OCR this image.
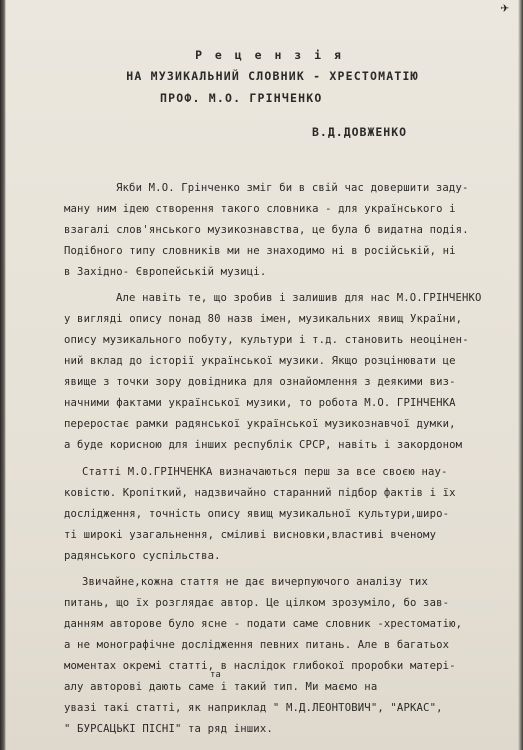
✈
Р е ц е н з і я
НА МУЗИКАЛЬНИЙ СЛОВНИК - ХРЕСТОМАТІЮ
ПРОФ. М.О. ГРІНЧЕНКО
В.Д.ДОВЖЕНКО
Якби М.О. Грінченко зміг би в свій час довершити заду-
ману ним ідею створення такого словника - для українського і
взагалі слов'янського музикознавства, це була б видатна подія.
Подібного типу словників ми не знаходимо ні в російській, ні
в Західно- Європейській музиці.
Але навіть те, що зробив і залишив для нас М.О.ГРІНЧЕНКО
у вигляді опису понад 80 назв імен, музикальних явищ України,
опису музикального побуту, культури і т.д. становить неоцінен-
ний вклад до історії української музики. Якщо розцінювати це
явище з точки зору довідника для ознайомлення з деякими виз-
начними фактами української музики, то робота М.О. ГРІНЧЕНКА
переростає рамки радянської української музикознавчої думки,
а буде корисною для інших республік СРСР, навіть і закордоном
Статті М.О.ГРІНЧЕНКА визначаються перш за все своєю нау-
ковістю. Кропіткий, надзвичайно старанний підбор фактів і їх
дослідження, точність опису явищ музикальної культури,широ-
ті широкі узагальнення, сміливі висновки,властиві вченому
радянського суспільства.
Звичайне,кожна стаття не дає вичерпуючого аналізу тих
питань, що їх розглядає автор. Це цілком зрозуміло, бо зав-
данням авторове було ясне - подати саме словник -хрестоматію,
а не монографічне дослідження певних питань. Але в багатьох
моментах окремі статті, в наслідок глибокої проробки матері-
та
алу авторові дають саме і такий тип. Ми маємо на
увазі такі статті, як наприклад " М.Д.ЛЕОНТОВИЧ", "АРКАС",
" БУРСАЦЬКІ ПІСНІ" та ряд інших.
